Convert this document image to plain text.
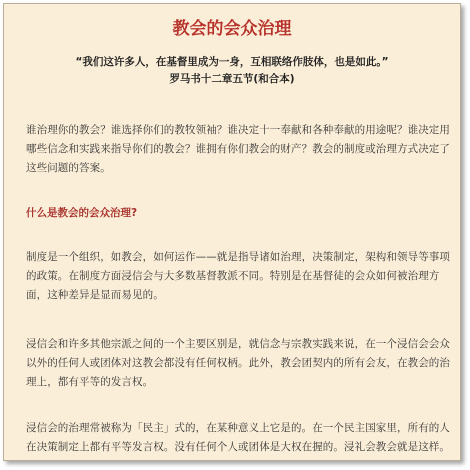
教会的会众治理
“我们这许多人，在基督里成为一身，互相联络作肢体，也是如此。”
罗马书十二章五节(和合本)

谁治理你的教会？谁选择你们的教牧领袖？谁决定十一奉献和各种奉献的用途呢？谁决定用哪些信念和实践来指导你们的教会？谁拥有你们教会的财产？教会的制度或治理方式决定了这些问题的答案。

什么是教会的会众治理?

制度是一个组织，如教会，如何运作——就是指导诸如治理，决策制定，架构和领导等事项的政策。在制度方面浸信会与大多数基督教派不同。特别是在基督徒的会众如何被治理方面，这种差异是显而易见的。

浸信会和许多其他宗派之间的一个主要区别是，就信念与宗教实践来说，在一个浸信会会众以外的任何人或团体对这教会都没有任何权柄。此外，教会团契内的所有会友，在教会的治理上，都有平等的发言权。

浸信会的治理常被称为「民主」式的，在某种意义上它是的。在一个民主国家里，所有的人在决策制定上都有平等发言权。没有任何个人或团体是大权在握的。浸礼会教会就是这样。
